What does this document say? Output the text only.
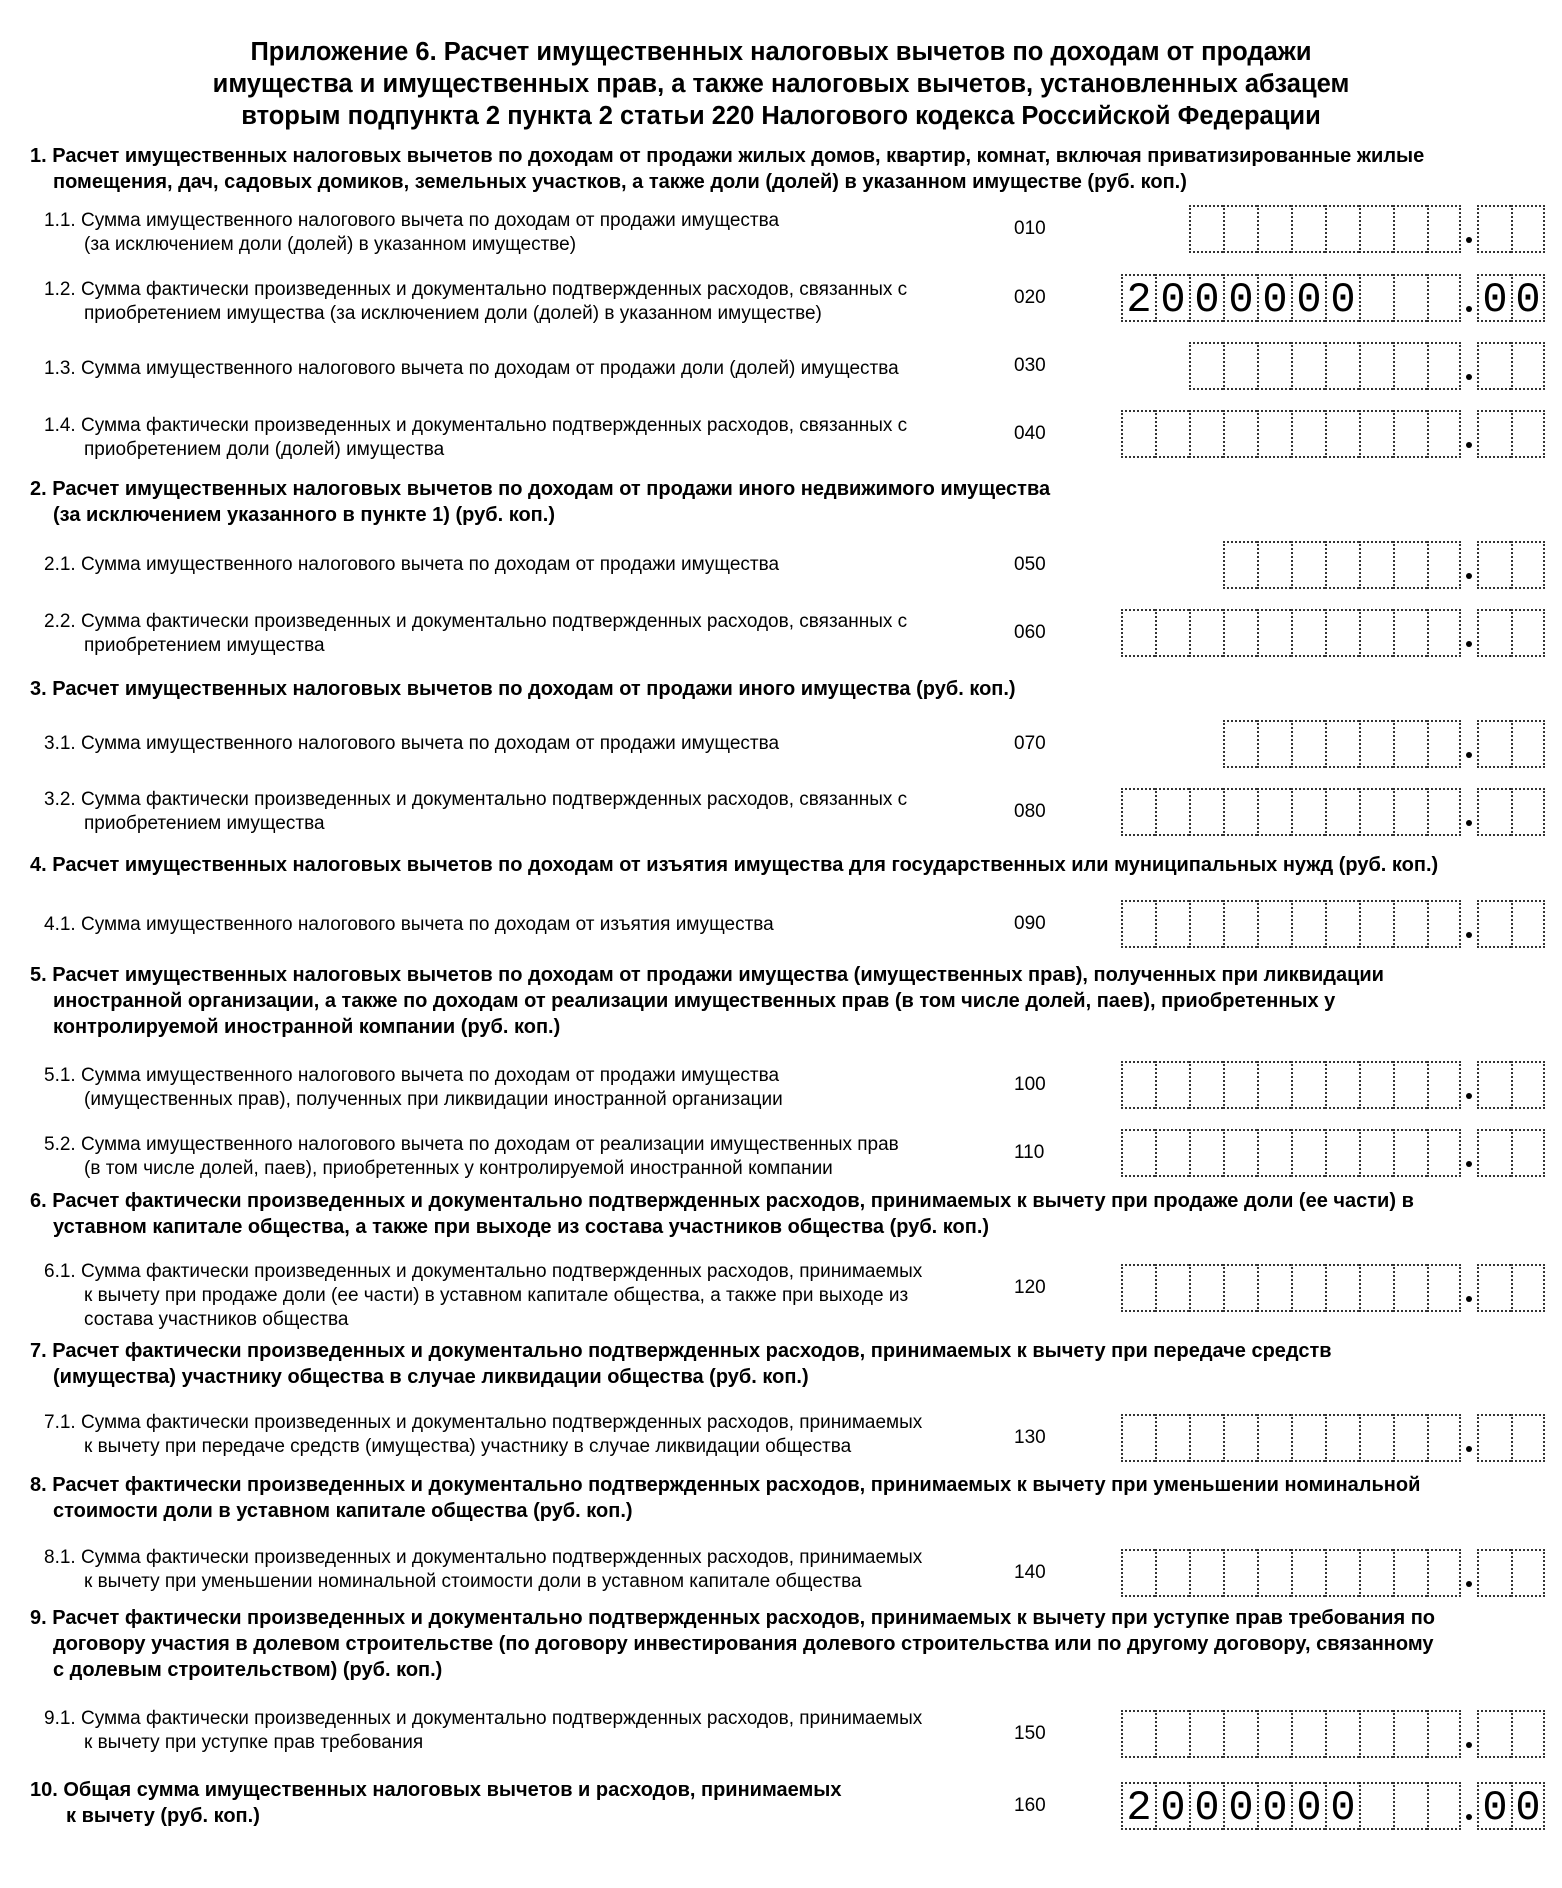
Приложение 6. Расчет имущественных налоговых вычетов по доходам от продажи
имущества и имущественных прав, а также налоговых вычетов, установленных абзацем
вторым подпункта 2 пункта 2 статьи 220 Налогового кодекса Российской Федерации
1. Расчет имущественных налоговых вычетов по доходам от продажи жилых домов, квартир, комнат, включая приватизированные жилые
помещения, дач, садовых домиков, земельных участков, а также доли (долей) в указанном имуществе (руб. коп.)
2. Расчет имущественных налоговых вычетов по доходам от продажи иного недвижимого имущества
(за исключением указанного в пункте 1) (руб. коп.)
3. Расчет имущественных налоговых вычетов по доходам от продажи иного имущества (руб. коп.)
4. Расчет имущественных налоговых вычетов по доходам от изъятия имущества для государственных или муниципальных нужд (руб. коп.)
5. Расчет имущественных налоговых вычетов по доходам от продажи имущества (имущественных прав), полученных при ликвидации
иностранной организации, а также по доходам от реализации имущественных прав (в том числе долей, паев), приобретенных у
контролируемой иностранной компании (руб. коп.)
6. Расчет фактически произведенных и документально подтвержденных расходов, принимаемых к вычету при продаже доли (ее части) в
уставном капитале общества, а также при выходе из состава участников общества (руб. коп.)
7. Расчет фактически произведенных и документально подтвержденных расходов, принимаемых к вычету при передаче средств
(имущества) участнику общества в случае ликвидации общества (руб. коп.)
8. Расчет фактически произведенных и документально подтвержденных расходов, принимаемых к вычету при уменьшении номинальной
стоимости доли в уставном капитале общества (руб. коп.)
9. Расчет фактически произведенных и документально подтвержденных расходов, принимаемых к вычету при уступке прав требования по
договору участия в долевом строительстве (по договору инвестирования долевого строительства или по другому договору, связанному
с долевым строительством) (руб. коп.)

1.1. Сумма имущественного налогового вычета по доходам от продажи имущества
(за исключением доли (долей) в указанном имуществе)

010

1.2. Сумма фактически произведенных и документально подтвержденных расходов, связанных с
приобретением имущества (за исключением доли (долей) в указанном имуществе)

020	2 0 0 0 0 0 0	0 0

1.3. Сумма имущественного налогового вычета по доходам от продажи доли (долей) имущества	030

1.4. Сумма фактически произведенных и документально подтвержденных расходов, связанных с
приобретением доли (долей) имущества

040

2.1. Сумма имущественного налогового вычета по доходам от продажи имущества	050

2.2. Сумма фактически произведенных и документально подтвержденных расходов, связанных с
приобретением имущества

060

3.1. Сумма имущественного налогового вычета по доходам от продажи имущества	070

3.2. Сумма фактически произведенных и документально подтвержденных расходов, связанных с
приобретением имущества

080

4.1. Сумма имущественного налогового вычета по доходам от изъятия имущества	090

5.1. Сумма имущественного налогового вычета по доходам от продажи имущества
(имущественных прав), полученных при ликвидации иностранной организации

100

5.2. Сумма имущественного налогового вычета по доходам от реализации имущественных прав
(в том числе долей, паев), приобретенных у контролируемой иностранной компании

110

6.1. Сумма фактически произведенных и документально подтвержденных расходов, принимаемых
к вычету при продаже доли (ее части) в уставном капитале общества, а также при выходе из
состава участников общества

120

7.1. Сумма фактически произведенных и документально подтвержденных расходов, принимаемых
к вычету при передаче средств (имущества) участнику в случае ликвидации общества	130

8.1. Сумма фактически произведенных и документально подтвержденных расходов, принимаемых
к вычету при уменьшении номинальной стоимости доли в уставном капитале общества	140

9.1. Сумма фактически произведенных и документально подтвержденных расходов, принимаемых
к вычету при уступке прав требования	150

10. Общая сумма имущественных налоговых вычетов и расходов, принимаемых
к вычету (руб. коп.)	160	2 0 0 0 0 0 0	0 0
